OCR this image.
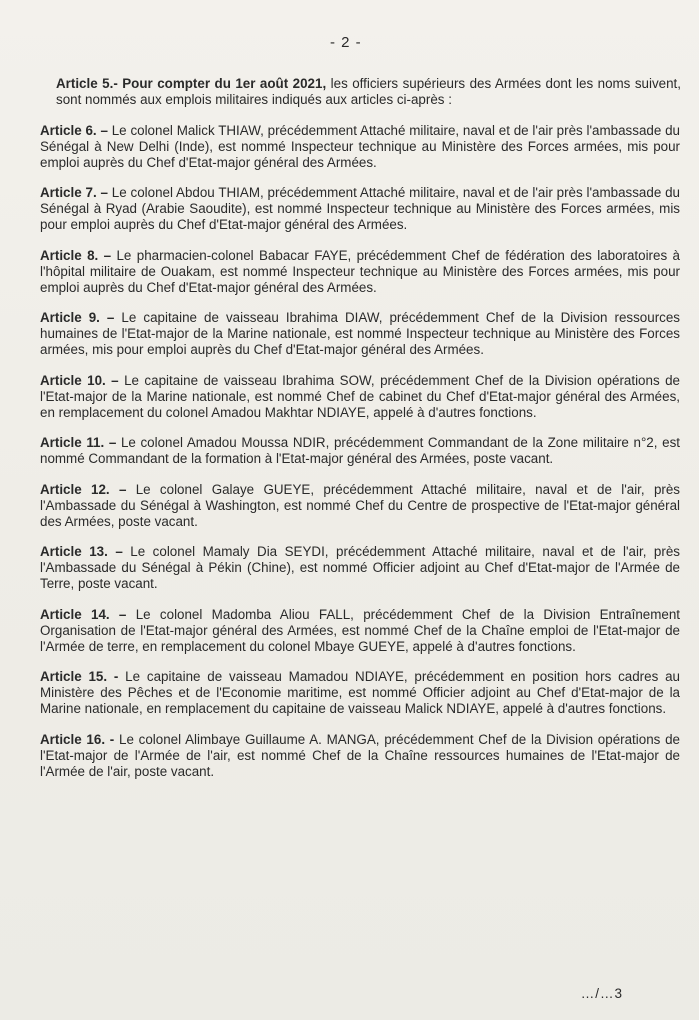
- 2 -

Article 5.- Pour compter du 1er août 2021, les officiers supérieurs des Armées dont les noms suivent, sont nommés aux emplois militaires indiqués aux articles ci-après :

Article 6. – Le colonel Malick THIAW, précédemment Attaché militaire, naval et de l'air près l'ambassade du Sénégal à New Delhi (Inde), est nommé Inspecteur technique au Ministère des Forces armées, mis pour emploi auprès du Chef d'Etat-major général des Armées.

Article 7. – Le colonel Abdou THIAM, précédemment Attaché militaire, naval et de l'air près l'ambassade du Sénégal à Ryad (Arabie Saoudite), est nommé Inspecteur technique au Ministère des Forces armées, mis pour emploi auprès du Chef d'Etat-major général des Armées.

Article 8. – Le pharmacien-colonel Babacar FAYE, précédemment Chef de fédération des laboratoires à l'hôpital militaire de Ouakam, est nommé Inspecteur technique au Ministère des Forces armées, mis pour emploi auprès du Chef d'Etat-major général des Armées.

Article 9. – Le capitaine de vaisseau Ibrahima DIAW, précédemment Chef de la Division ressources humaines de l'Etat-major de la Marine nationale, est nommé Inspecteur technique au Ministère des Forces armées, mis pour emploi auprès du Chef d'Etat-major général des Armées.

Article 10. – Le capitaine de vaisseau Ibrahima SOW, précédemment Chef de la Division opérations de l'Etat-major de la Marine nationale, est nommé Chef de cabinet du Chef d'Etat-major général des Armées, en remplacement du colonel Amadou Makhtar NDIAYE, appelé à d'autres fonctions.

Article 11. – Le colonel Amadou Moussa NDIR, précédemment Commandant de la Zone militaire n°2, est nommé Commandant de la formation à l'Etat-major général des Armées, poste vacant.

Article 12. – Le colonel Galaye GUEYE, précédemment Attaché militaire, naval et de l'air, près l'Ambassade du Sénégal à Washington, est nommé Chef du Centre de prospective de l'Etat-major général des Armées, poste vacant.

Article 13. – Le colonel Mamaly Dia SEYDI, précédemment Attaché militaire, naval et de l'air, près l'Ambassade du Sénégal à Pékin (Chine), est nommé Officier adjoint au Chef d'Etat-major de l'Armée de Terre, poste vacant.

Article 14. – Le colonel Madomba Aliou FALL, précédemment Chef de la Division Entraînement Organisation de l'Etat-major général des Armées, est nommé Chef de la Chaîne emploi de l'Etat-major de l'Armée de terre, en remplacement du colonel Mbaye GUEYE, appelé à d'autres fonctions.

Article 15. - Le capitaine de vaisseau Mamadou NDIAYE, précédemment en position hors cadres au Ministère des Pêches et de l'Economie maritime, est nommé Officier adjoint au Chef d'Etat-major de la Marine nationale, en remplacement du capitaine de vaisseau Malick NDIAYE, appelé à d'autres fonctions.

Article 16. - Le colonel Alimbaye Guillaume A. MANGA, précédemment Chef de la Division opérations de l'Etat-major de l'Armée de l'air, est nommé Chef de la Chaîne ressources humaines de l'Etat-major de l'Armée de l'air, poste vacant.

…/…3
